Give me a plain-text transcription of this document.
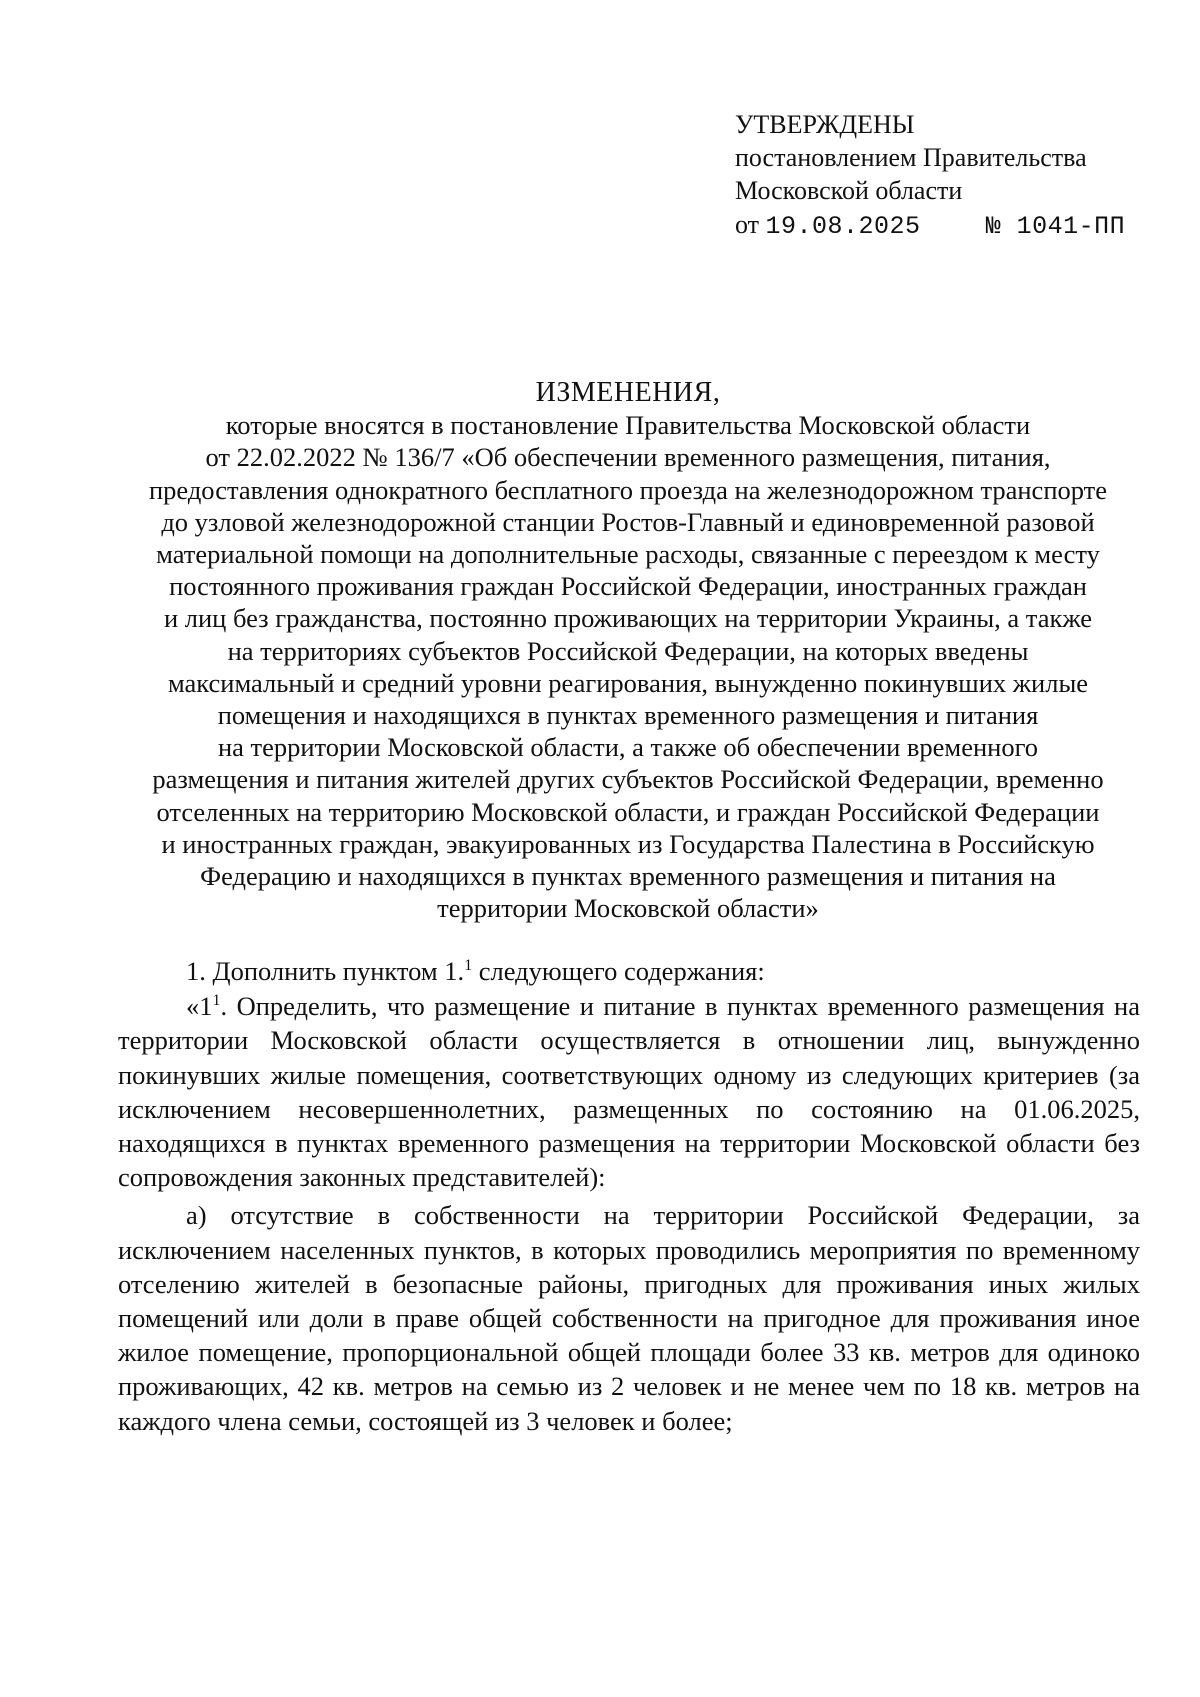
УТВЕРЖДЕНЫ
постановлением Правительства
Московской области
от 19.08.2025	№ 1041-ПП
ИЗМЕНЕНИЯ,
которые вносятся в постановление Правительства Московской области
от 22.02.2022 № 136/7 «Об обеспечении временного размещения, питания,
предоставления однократного бесплатного проезда на железнодорожном транспорте
до узловой железнодорожной станции Ростов-Главный и единовременной разовой
материальной помощи на дополнительные расходы, связанные с переездом к месту
постоянного проживания граждан Российской Федерации, иностранных граждан
и лиц без гражданства, постоянно проживающих на территории Украины, а также
на территориях субъектов Российской Федерации, на которых введены
максимальный и средний уровни реагирования, вынужденно покинувших жилые
помещения и находящихся в пунктах временного размещения и питания
на территории Московской области, а также об обеспечении временного
размещения и питания жителей других субъектов Российской Федерации, временно
отселенных на территорию Московской области, и граждан Российской Федерации
и иностранных граждан, эвакуированных из Государства Палестина в Российскую
Федерацию и находящихся в пунктах временного размещения и питания на
территории Московской области»

1. Дополнить пунктом 1.$^1$ следующего содержания:

«$1^1$. Определить, что размещение и питание в пунктах временного размещения на территории Московской области осуществляется в отношении лиц, вынужденно покинувших жилые помещения, соответствующих одному из следующих критериев (за исключением несовершеннолетних, размещенных по состоянию на 01.06.2025, находящихся в пунктах временного размещения на территории Московской области без сопровождения законных представителей):

а) отсутствие в собственности на территории Российской Федерации, за исключением населенных пунктов, в которых проводились мероприятия по временному отселению жителей в безопасные районы, пригодных для проживания иных жилых помещений или доли в праве общей собственности на пригодное для проживания иное жилое помещение, пропорциональной общей площади более 33 кв. метров для одиноко проживающих, 42 кв. метров на семью из 2 человек и не менее чем по 18 кв. метров на каждого члена семьи, состоящей из 3 человек и более;
